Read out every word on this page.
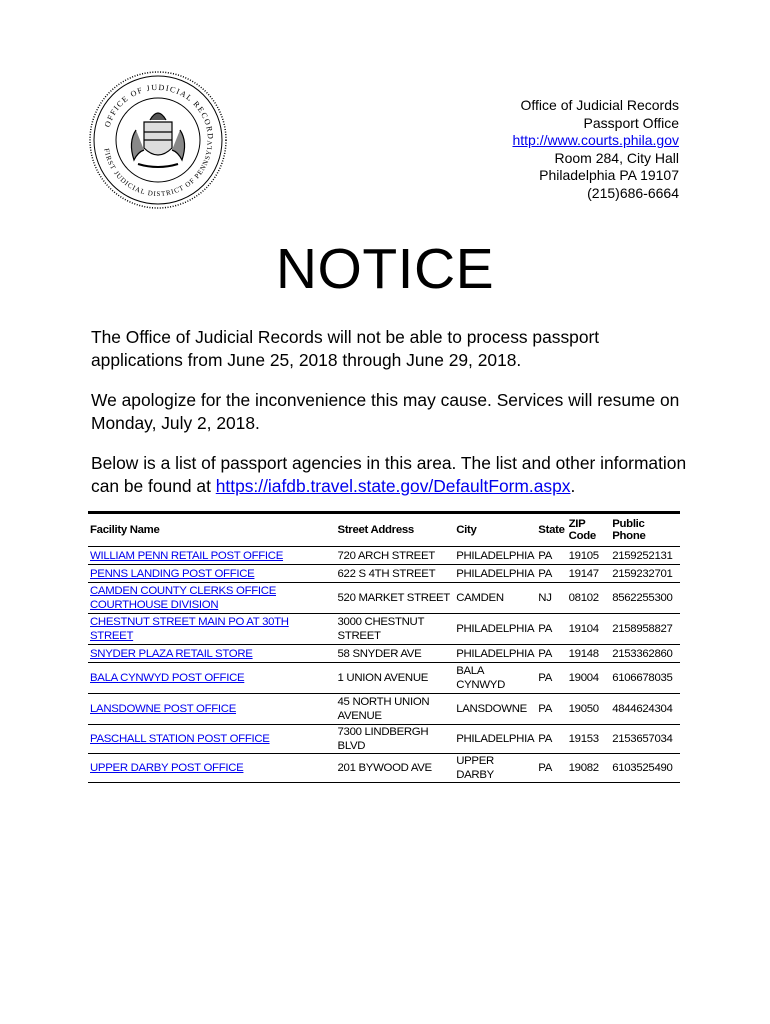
OFFICE OF JUDICIAL RECORD
FIRST JUDICIAL DISTRICT OF PENNSYLV
Office of Judicial Records
Passport Office
http://www.courts.phila.gov
Room 284, City Hall
Philadelphia PA 19107
(215)686-6664
NOTICE

The Office of Judicial Records will not be able to process passport applications from June 25, 2018 through June 29, 2018.

We apologize for the inconvenience this may cause. Services will resume on Monday, July 2, 2018.

Below is a list of passport agencies in this area. The list and other information can be found at https://iafdb.travel.state.gov/DefaultForm.aspx.

Facility Name	Street Address	City	State	ZIP Code	Public Phone
WILLIAM PENN RETAIL POST OFFICE	720 ARCH STREET	PHILADELPHIA	PA	19105	2159252131
PENNS LANDING POST OFFICE	622 S 4TH STREET	PHILADELPHIA	PA	19147	2159232701
CAMDEN COUNTY CLERKS OFFICE COURTHOUSE DIVISION	520 MARKET STREET	CAMDEN	NJ	08102	8562255300
CHESTNUT STREET MAIN PO AT 30TH STREET	3000 CHESTNUT STREET	PHILADELPHIA	PA	19104	2158958827
SNYDER PLAZA RETAIL STORE	58 SNYDER AVE	PHILADELPHIA	PA	19148	2153362860
BALA CYNWYD POST OFFICE	1 UNION AVENUE	BALA CYNWYD	PA	19004	6106678035
LANSDOWNE POST OFFICE	45 NORTH UNION AVENUE	LANSDOWNE	PA	19050	4844624304
PASCHALL STATION POST OFFICE	7300 LINDBERGH BLVD	PHILADELPHIA	PA	19153	2153657034
UPPER DARBY POST OFFICE	201 BYWOOD AVE	UPPER DARBY	PA	19082	6103525490
